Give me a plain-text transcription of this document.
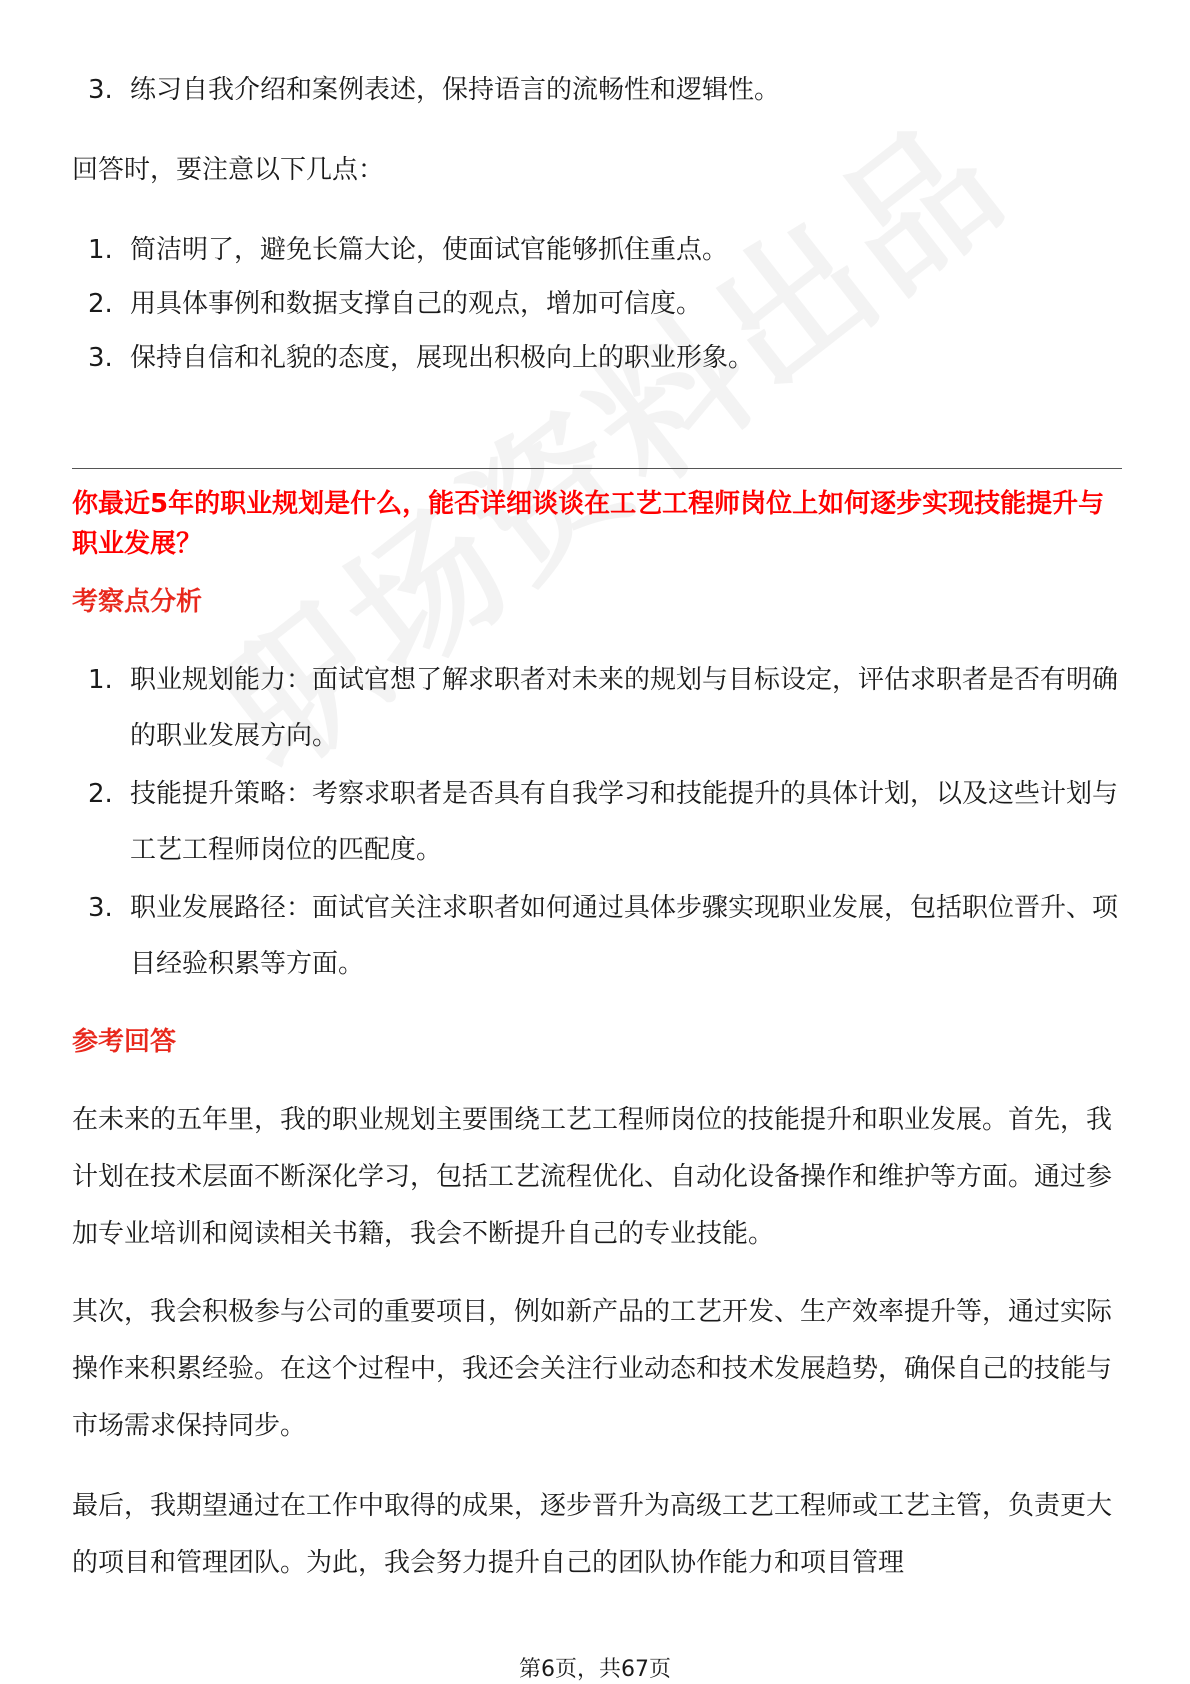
3. 练习自我介绍和案例表述，保持语言的流畅性和逻辑性。
回答时，要注意以下几点：
1. 简洁明了，避免长篇大论，使面试官能够抓住重点。
2. 用具体事例和数据支撑自己的观点，增加可信度。
3. 保持自信和礼貌的态度，展现出积极向上的职业形象。
你最近5年的职业规划是什么，能否详细谈谈在工艺工程师岗位上如何逐步实现技能提升与职业发展？
考察点分析
1. 职业规划能力：面试官想了解求职者对未来的规划与目标设定，评估求职者是否有明确的职业发展方向。
2. 技能提升策略：考察求职者是否具有自我学习和技能提升的具体计划，以及这些计划与工艺工程师岗位的匹配度。
3. 职业发展路径：面试官关注求职者如何通过具体步骤实现职业发展，包括职位晋升、项目经验积累等方面。
参考回答
在未来的五年里，我的职业规划主要围绕工艺工程师岗位的技能提升和职业发展。首先，我计划在技术层面不断深化学习，包括工艺流程优化、自动化设备操作和维护等方面。通过参加专业培训和阅读相关书籍，我会不断提升自己的专业技能。
其次，我会积极参与公司的重要项目，例如新产品的工艺开发、生产效率提升等，通过实际操作来积累经验。在这个过程中，我还会关注行业动态和技术发展趋势，确保自己的技能与市场需求保持同步。
最后，我期望通过在工作中取得的成果，逐步晋升为高级工艺工程师或工艺主管，负责更大的项目和管理团队。为此，我会努力提升自己的团队协作能力和项目管理
第6页，共67页
